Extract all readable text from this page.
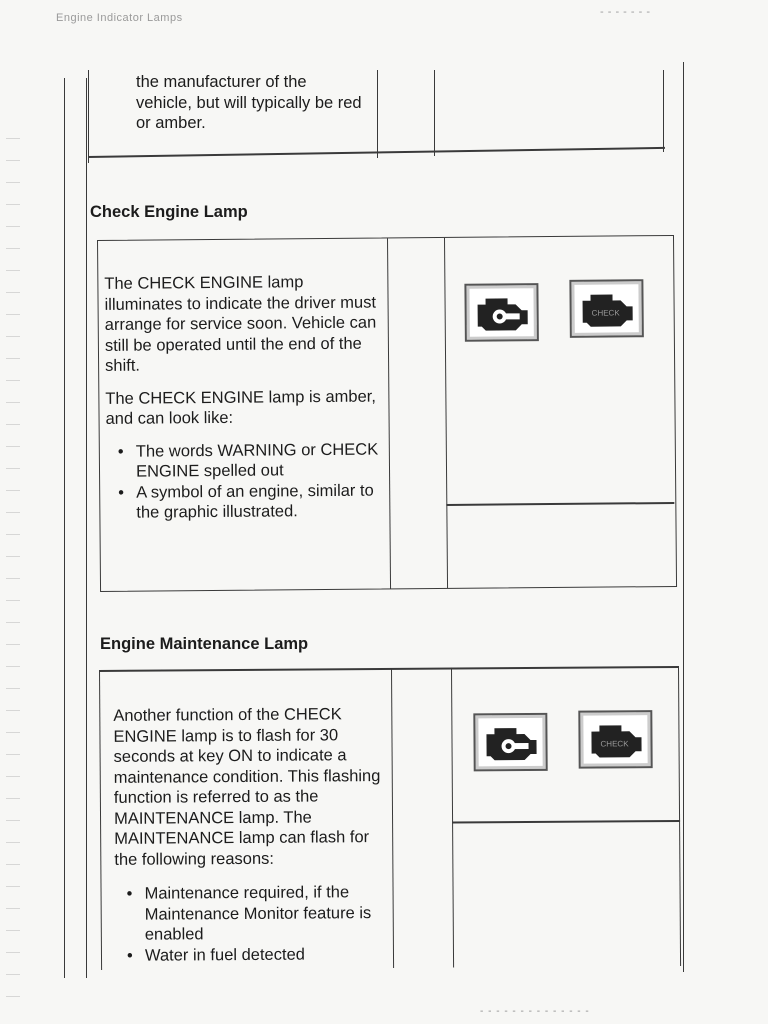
Engine Indicator Lamps	- - - - - - -
the manufacturer of the vehicle, but will typically be red or amber.
Check Engine Lamp

The CHECK ENGINE lamp illuminates to indicate the driver must arrange for service soon. Vehicle can still be operated until the end of the shift.

The CHECK ENGINE lamp is amber, and can look like:

• The words WARNING or CHECK ENGINE spelled out
• A symbol of an engine, similar to the graphic illustrated.
CHECK
Engine Maintenance Lamp

Another function of the CHECK ENGINE lamp is to flash for 30 seconds at key ON to indicate a maintenance condition. This flashing function is referred to as the MAINTENANCE lamp. The MAINTENANCE lamp can flash for the following reasons:

• Maintenance required, if the Maintenance Monitor feature is enabled
• Water in fuel detected
CHECK
- - - - - - - - - - - - - -
